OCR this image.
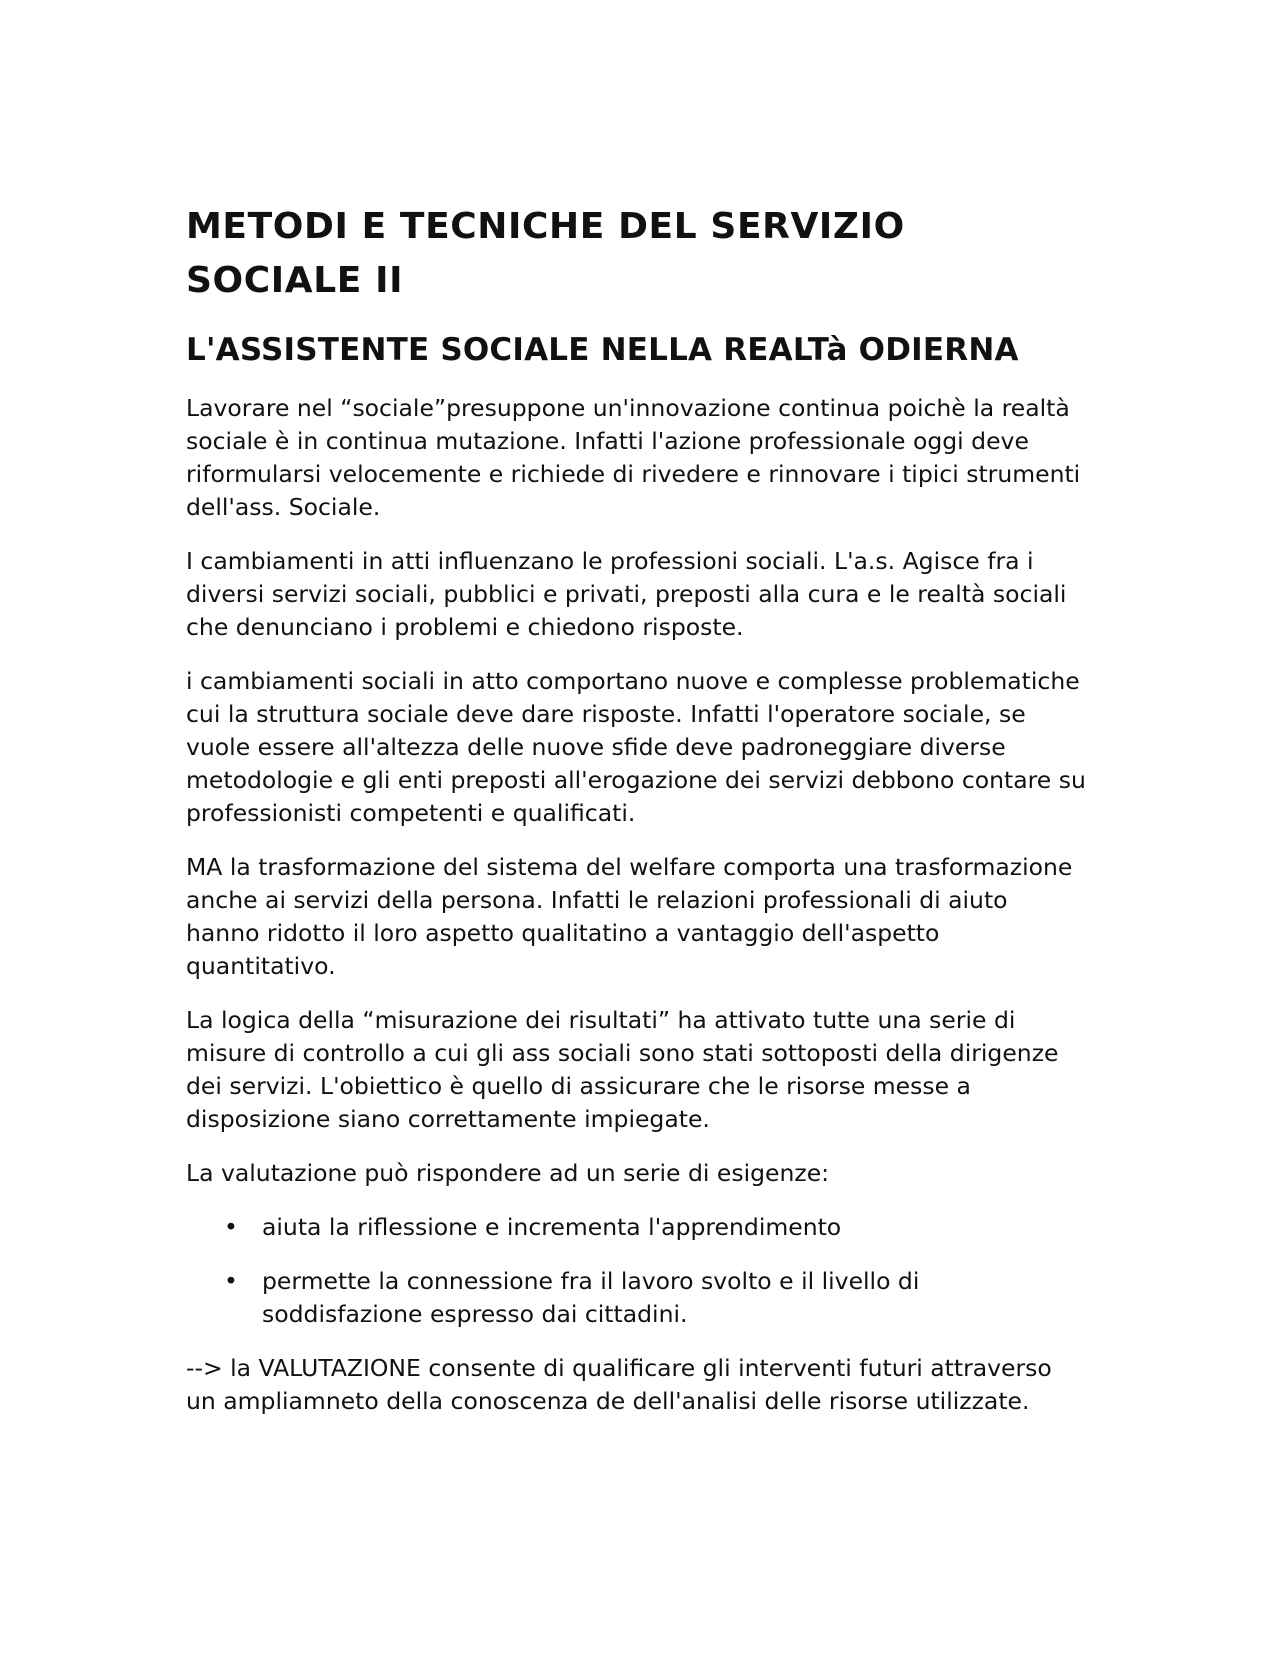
METODI E TECNICHE DEL SERVIZIO SOCIALE II
L'ASSISTENTE SOCIALE NELLA REALTà ODIERNA

Lavorare nel “sociale”presuppone un'innovazione continua poichè la realtà sociale è in continua mutazione. Infatti l'azione professionale oggi deve riformularsi velocemente e richiede di rivedere e rinnovare i tipici strumenti dell'ass. Sociale.

I cambiamenti in atti influenzano le professioni sociali. L'a.s. Agisce fra i diversi servizi sociali, pubblici e privati, preposti alla cura e le realtà sociali che denunciano i problemi e chiedono risposte.

i cambiamenti sociali in atto comportano nuove e complesse problematiche cui la struttura sociale deve dare risposte. Infatti l'operatore sociale, se vuole essere all'altezza delle nuove sfide deve padroneggiare diverse metodologie e gli enti preposti all'erogazione dei servizi debbono contare su professionisti competenti e qualificati.

MA la trasformazione del sistema del welfare comporta una trasformazione anche ai servizi della persona. Infatti le relazioni professionali di aiuto hanno ridotto il loro aspetto qualitatino a vantaggio dell'aspetto quantitativo.

La logica della “misurazione dei risultati” ha attivato tutte una serie di misure di controllo a cui gli ass sociali sono stati sottoposti della dirigenze dei servizi. L'obiettico è quello di assicurare che le risorse messe a disposizione siano correttamente impiegate.

La valutazione può rispondere ad un serie di esigenze:

• aiuta la riflessione e incrementa l'apprendimento
• permette la connessione fra il lavoro svolto e il livello di soddisfazione espresso dai cittadini.

--> la VALUTAZIONE consente di qualificare gli interventi futuri attraverso un ampliamneto della conoscenza de dell'analisi delle risorse utilizzate.
